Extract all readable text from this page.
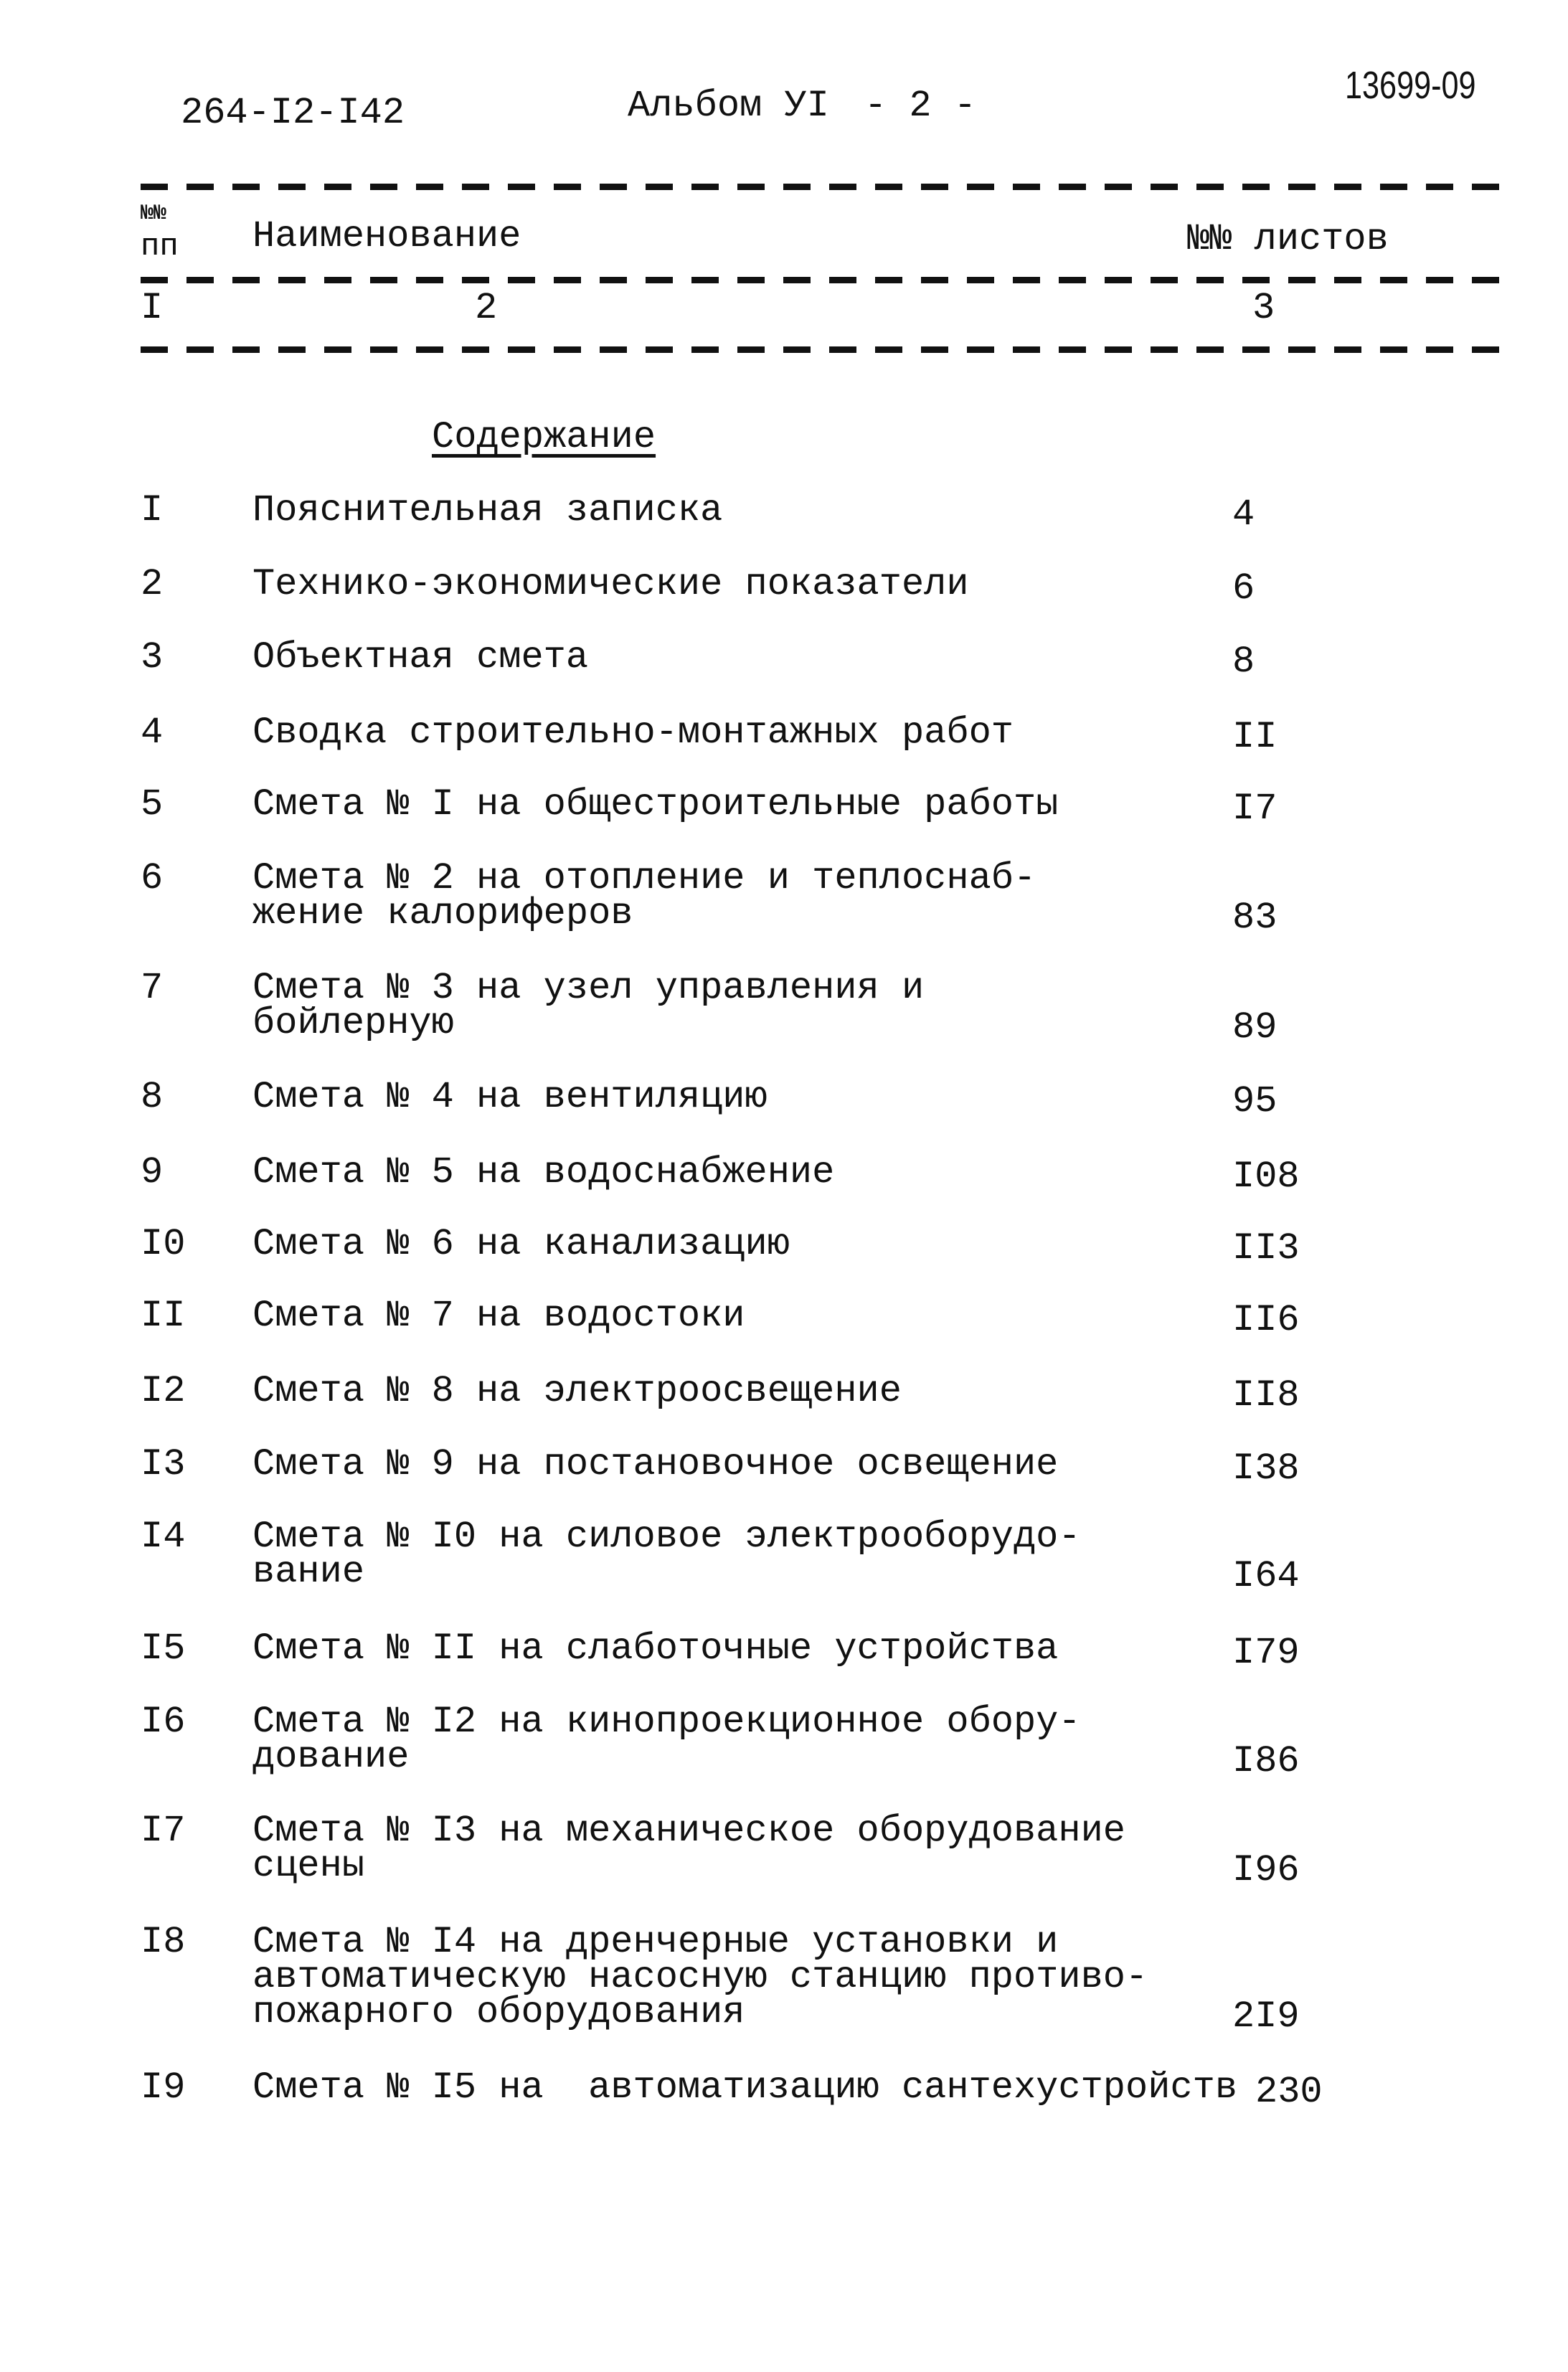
264-I2-I42	Альбом УI - 2 -	13699-09
№№
пп Наименование	№№ листов
I	2	3
Содержание
I Пояснительная записка	4
2 Технико-экономические показатели	6
3 Объектная смета	8
4 Сводка строительно-монтажных работ	II
5 Смета № I на общестроительные работы	I7
6 Смета № 2 на отопление и теплоснаб-
жение калориферов	83
7 Смета № 3 на узел управления и
бойлерную	89
8 Смета № 4 на вентиляцию	95
9 Смета № 5 на водоснабжение	I08
I0 Смета № 6 на канализацию	II3
II Смета № 7 на водостоки	II6
I2 Смета № 8 на электроосвещение	II8
I3 Смета № 9 на постановочное освещение	I38
I4 Смета № I0 на силовое электрооборудо-
вание	I64
I5 Смета № II на слаботочные устройства	I79
I6 Смета № I2 на кинопроекционное обору-
дование	I86
I7 Смета № I3 на механическое оборудование
сцены	I96
I8 Смета № I4 на дренчерные установки и
автоматическую насосную станцию противо-
пожарного оборудования	2I9
I9 Смета № I5 на  автоматизацию сантехустройств 230
